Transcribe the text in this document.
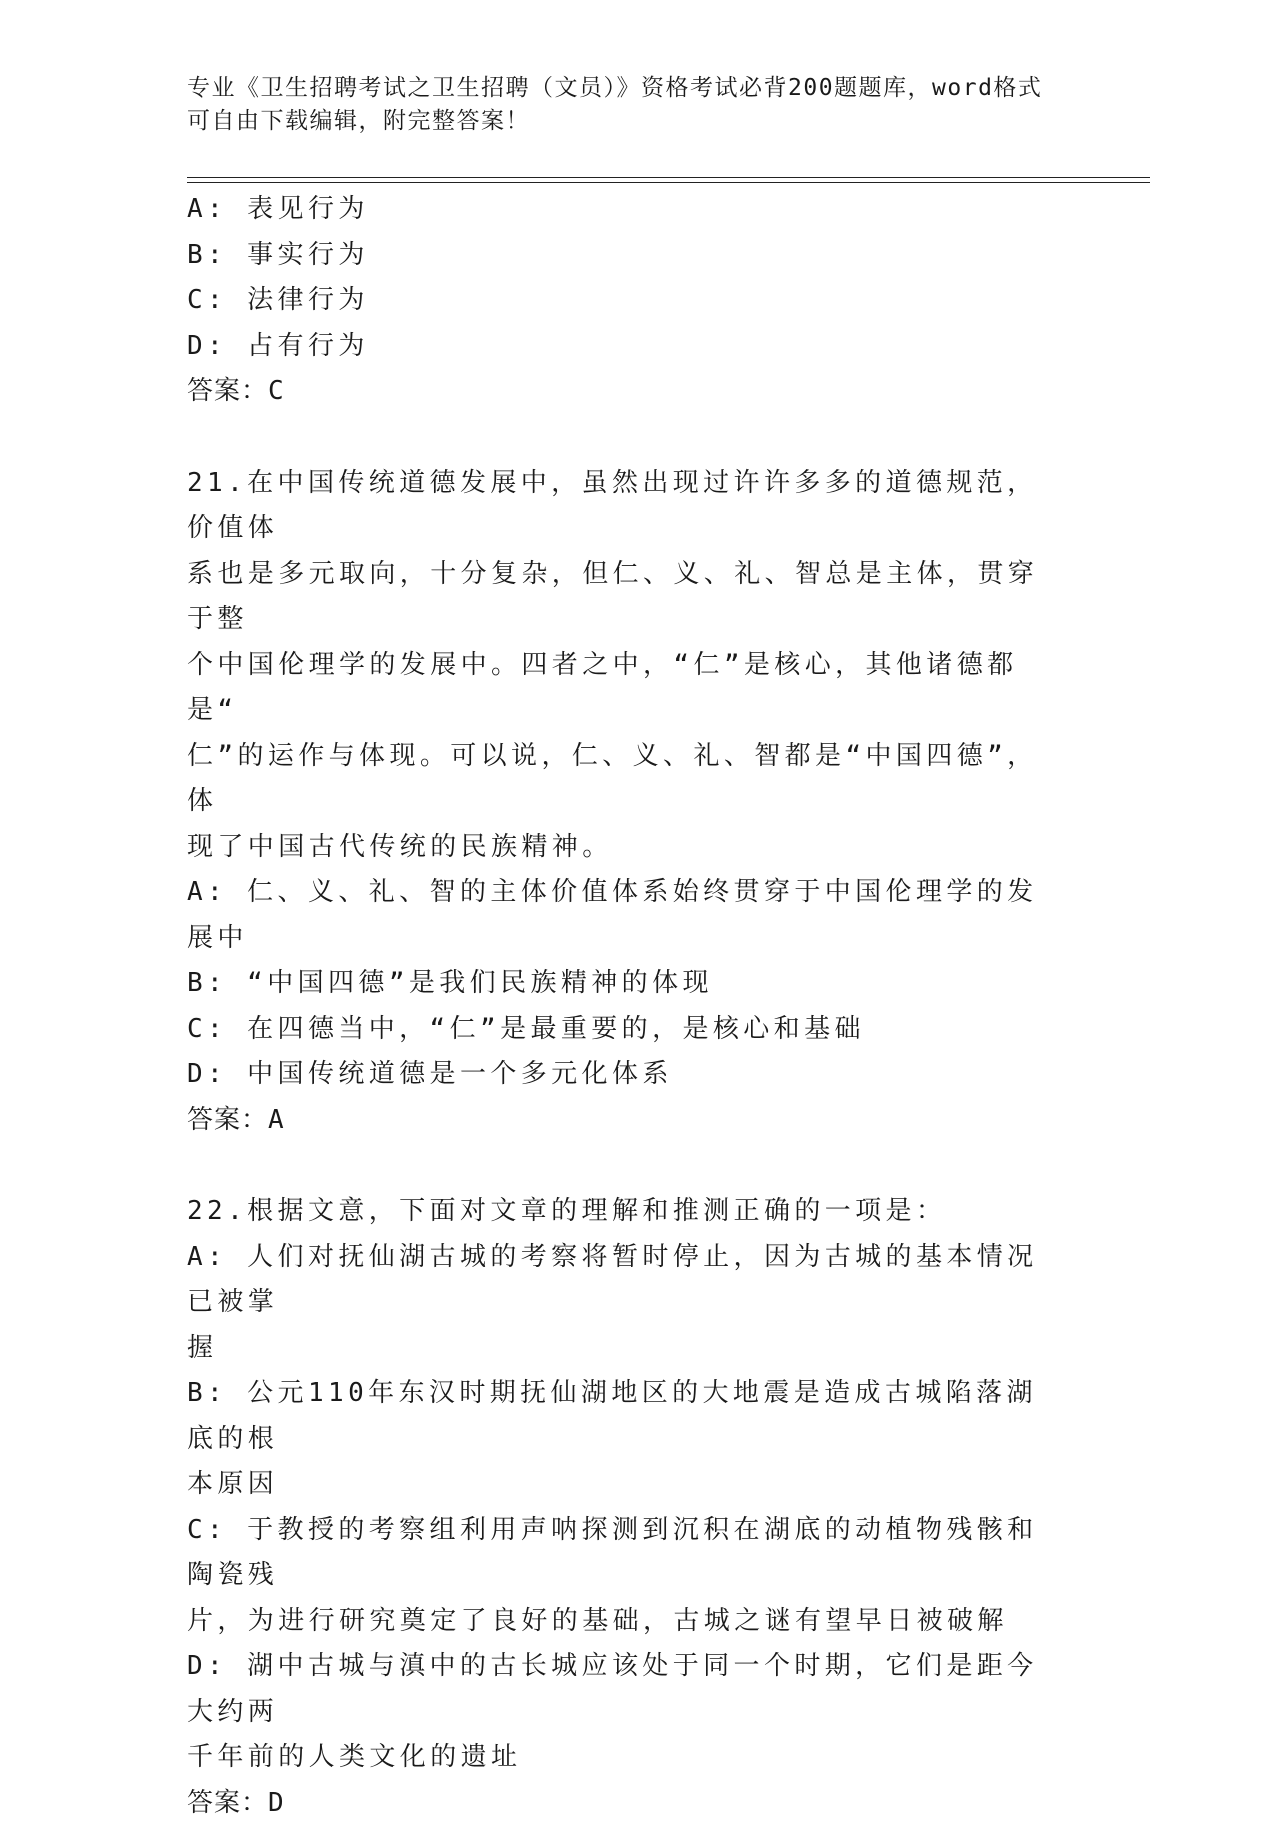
专业《卫生招聘考试之卫生招聘（文员）》资格考试必背200题题库，word格式

可自由下载编辑，附完整答案！

A: 表见行为

B: 事实行为

C: 法律行为

D: 占有行为

答案：C

21.在中国传统道德发展中，虽然出现过许许多多的道德规范，价值体

系也是多元取向，十分复杂，但仁、义、礼、智总是主体，贯穿于整

个中国伦理学的发展中。四者之中，“仁”是核心，其他诸德都是“

仁”的运作与体现。可以说，仁、义、礼、智都是“中国四德”，体

现了中国古代传统的民族精神。

A: 仁、义、礼、智的主体价值体系始终贯穿于中国伦理学的发展中

B: “中国四德”是我们民族精神的体现

C: 在四德当中，“仁”是最重要的，是核心和基础

D: 中国传统道德是一个多元化体系

答案：A

22.根据文意，下面对文章的理解和推测正确的一项是：

A: 人们对抚仙湖古城的考察将暂时停止，因为古城的基本情况已被掌

握

B: 公元110年东汉时期抚仙湖地区的大地震是造成古城陷落湖底的根

本原因

C: 于教授的考察组利用声呐探测到沉积在湖底的动植物残骸和陶瓷残

片，为进行研究奠定了良好的基础，古城之谜有望早日被破解

D: 湖中古城与滇中的古长城应该处于同一个时期，它们是距今大约两

千年前的人类文化的遗址

答案：D
